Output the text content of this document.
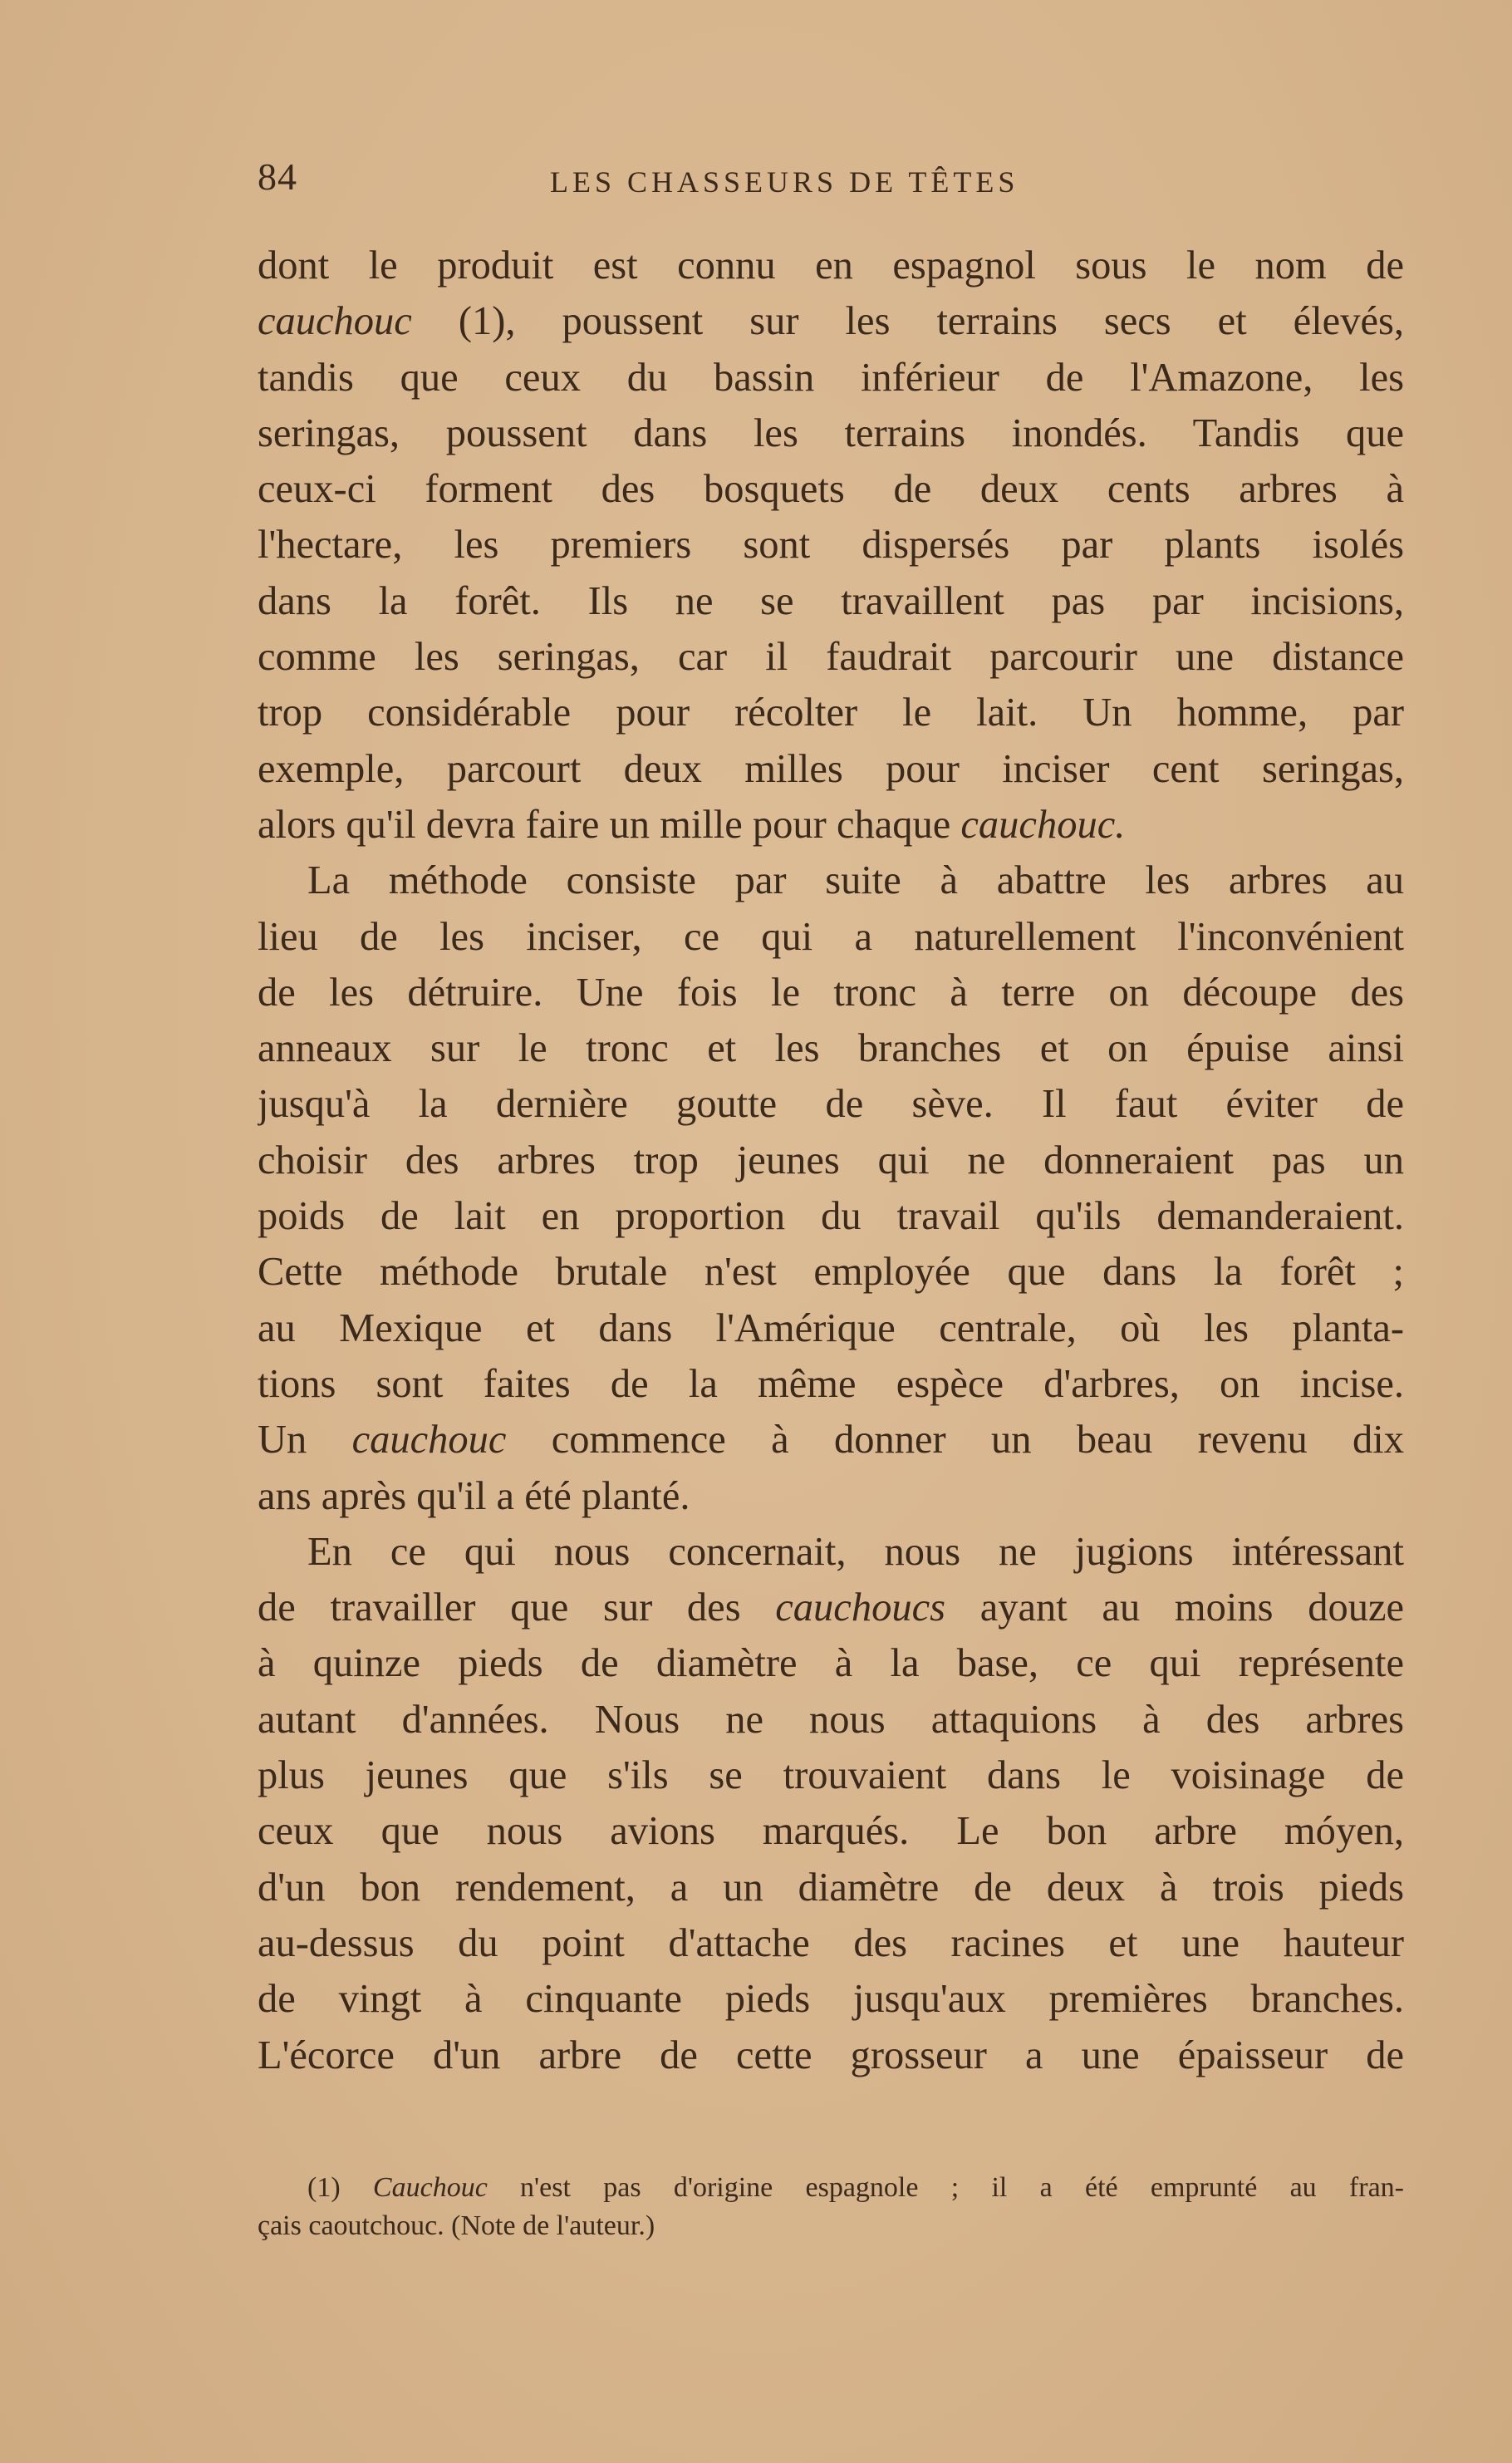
84	LES CHASSEURS DE TÊTES
dont le produit est connu en espagnol sous le nom de
cauchouc (1), poussent sur les terrains secs et élevés,
tandis que ceux du bassin inférieur de l'Amazone, les
seringas, poussent dans les terrains inondés. Tandis que
ceux-ci forment des bosquets de deux cents arbres à
l'hectare, les premiers sont dispersés par plants isolés
dans la forêt. Ils ne se travaillent pas par incisions,
comme les seringas, car il faudrait parcourir une distance
trop considérable pour récolter le lait. Un homme, par
exemple, parcourt deux milles pour inciser cent seringas,
alors qu'il devra faire un mille pour chaque cauchouc.
La méthode consiste par suite à abattre les arbres au
lieu de les inciser, ce qui a naturellement l'inconvénient
de les détruire. Une fois le tronc à terre on découpe des
anneaux sur le tronc et les branches et on épuise ainsi
jusqu'à la dernière goutte de sève. Il faut éviter de
choisir des arbres trop jeunes qui ne donneraient pas un
poids de lait en proportion du travail qu'ils demanderaient.
Cette méthode brutale n'est employée que dans la forêt ;
au Mexique et dans l'Amérique centrale, où les planta-
tions sont faites de la même espèce d'arbres, on incise.
Un cauchouc commence à donner un beau revenu dix
ans après qu'il a été planté.
En ce qui nous concernait, nous ne jugions intéressant
de travailler que sur des cauchoucs ayant au moins douze
à quinze pieds de diamètre à la base, ce qui représente
autant d'années. Nous ne nous attaquions à des arbres
plus jeunes que s'ils se trouvaient dans le voisinage de
ceux que nous avions marqués. Le bon arbre móyen,
d'un bon rendement, a un diamètre de deux à trois pieds
au-dessus du point d'attache des racines et une hauteur
de vingt à cinquante pieds jusqu'aux premières branches.
L'écorce d'un arbre de cette grosseur a une épaisseur de
(1) Cauchouc n'est pas d'origine espagnole ; il a été emprunté au fran-
çais caoutchouc. (Note de l'auteur.)
